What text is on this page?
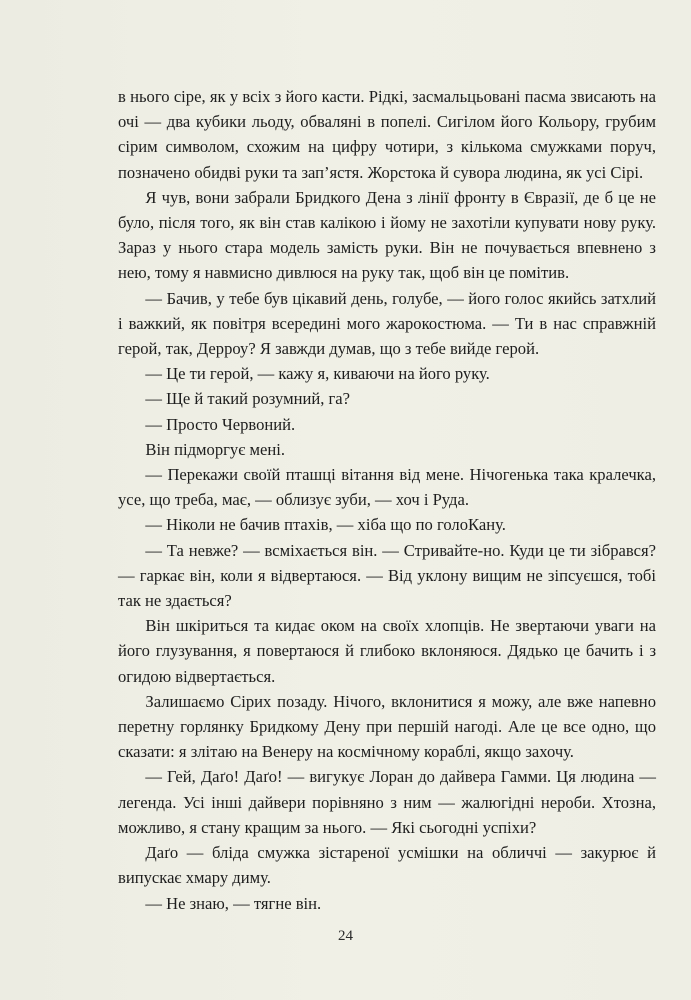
в нього сіре, як у всіх з його касти. Рідкі, засмальцьовані пасма звисають на очі — два кубики льоду, обваляні в попелі. Сигілом його Кольору, грубим сірим символом, схожим на цифру чотири, з кількома смужками поруч, позначено обидві руки та зап’ястя. Жорстока й сувора людина, як усі Сірі.

Я чув, вони забрали Бридкого Дена з лінії фронту в Євразії, де б це не було, після того, як він став калікою і йому не захотіли купувати нову руку. Зараз у нього стара модель замість руки. Він не почувається впевнено з нею, тому я навмисно дивлюся на руку так, щоб він це помітив.

— Бачив, у тебе був цікавий день, голубе, — його голос якийсь затхлий і важкий, як повітря всередині мого жарокостюма. — Ти в нас справжній герой, так, Дерроу? Я завжди думав, що з тебе вийде герой.

— Це ти герой, — кажу я, киваючи на його руку.

— Ще й такий розумний, га?

— Просто Червоний.

Він підморгує мені.

— Перекажи своїй пташці вітання від мене. Нічогенька така кралечка, усе, що треба, має, — облизує зуби, — хоч і Руда.

— Ніколи не бачив птахів, — хіба що по голоКану.

— Та невже? — всміхається він. — Стривайте-но. Куди це ти зібрався? — гаркає він, коли я відвертаюся. — Від уклону вищим не зіпсуєшся, тобі так не здається?

Він шкіриться та кидає оком на своїх хлопців. Не звертаючи уваги на його глузування, я повертаюся й глибоко вклоняюся. Дядько це бачить і з огидою відвертається.

Залишаємо Сірих позаду. Нічого, вклонитися я можу, але вже напевно перетну горлянку Бридкому Дену при першій нагоді. Але це все одно, що сказати: я злітаю на Венеру на космічному кораблі, якщо захочу.

— Гей, Даґо! Даґо! — вигукує Лоран до дайвера Гамми. Ця людина — легенда. Усі інші дайвери порівняно з ним — жалюгідні нероби. Хтозна, можливо, я стану кращим за нього. — Які сьогодні успіхи?

Даґо — бліда смужка зістареної усмішки на обличчі — закурює й випускає хмару диму.

— Не знаю, — тягне він.

24
